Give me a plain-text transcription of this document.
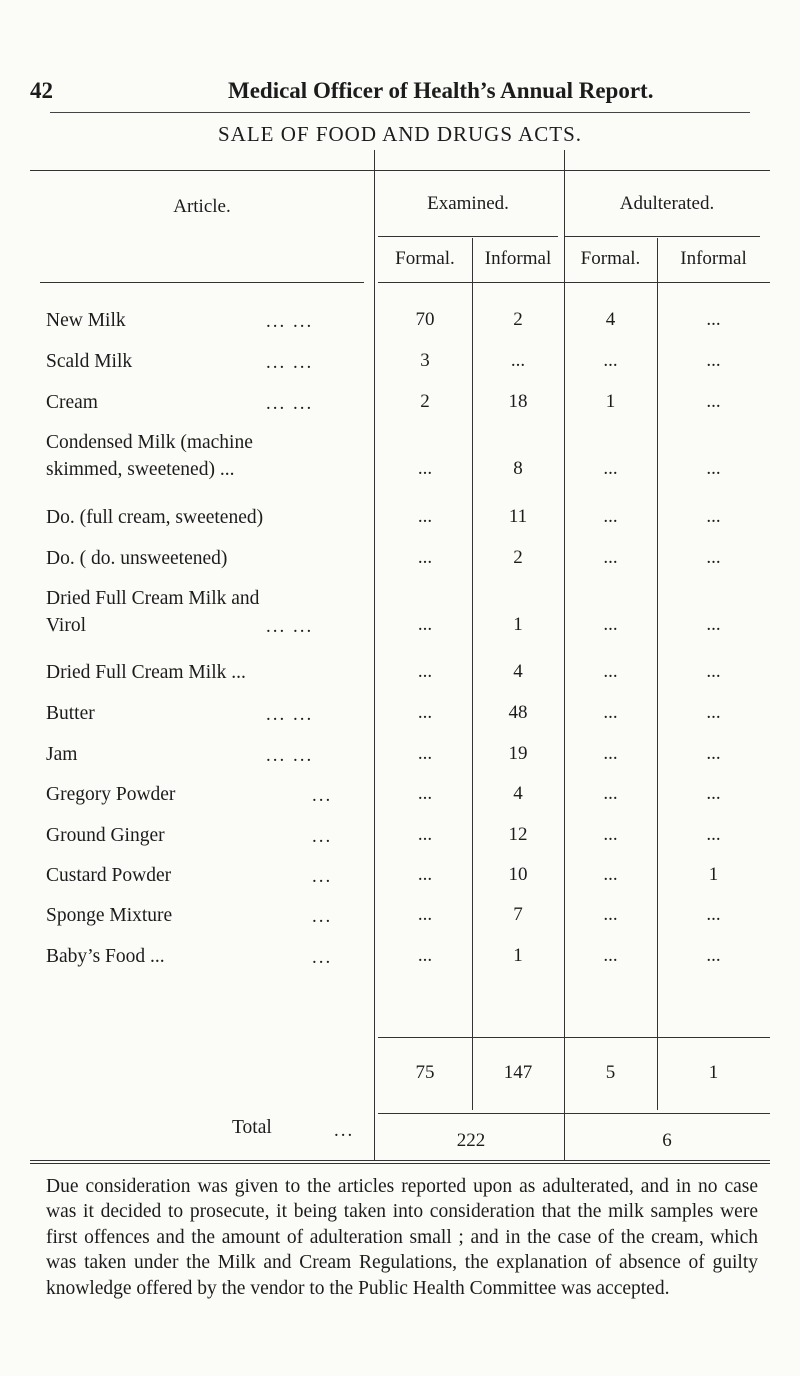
42	Medical Officer of Health’s Annual Report.
SALE OF FOOD AND DRUGS ACTS.
Article.	Examined.	Adulterated.
Formal.	Informal	Formal.	Informal
New Milk	... ...	70	2	4	...
Scald Milk	... ...	3	...	...	...
Cream	... ...	2	18	1	...
Condensed Milk (machine
skimmed, sweetened) ...	...	8	...	...
Do. (full cream, sweetened)	...	11	...	...
Do. ( do. unsweetened)	...	2	...	...
Dried Full Cream Milk and
Virol	... ...	...	1	...	...
Dried Full Cream Milk ...	...	4	...	...
Butter	... ...	...	48	...	...
Jam	... ...	...	19	...	...
Gregory Powder	...	...	4	...	...
Ground Ginger	...	...	12	...	...
Custard Powder	...	...	10	...	1
Sponge Mixture	...	...	7	...	...
Baby’s Food ...	...	...	1	...	...
75	147	5	1
Total	...	222	6
Due consideration was given to the articles reported upon as adulterated, and in no case was it decided to prosecute, it being taken into consideration that the milk samples were first offences and the amount of adulteration small ; and in the case of the cream, which was taken under the Milk and Cream Regulations, the explanation of absence of guilty knowledge offered by the vendor to the Public Health Committee was accepted.
